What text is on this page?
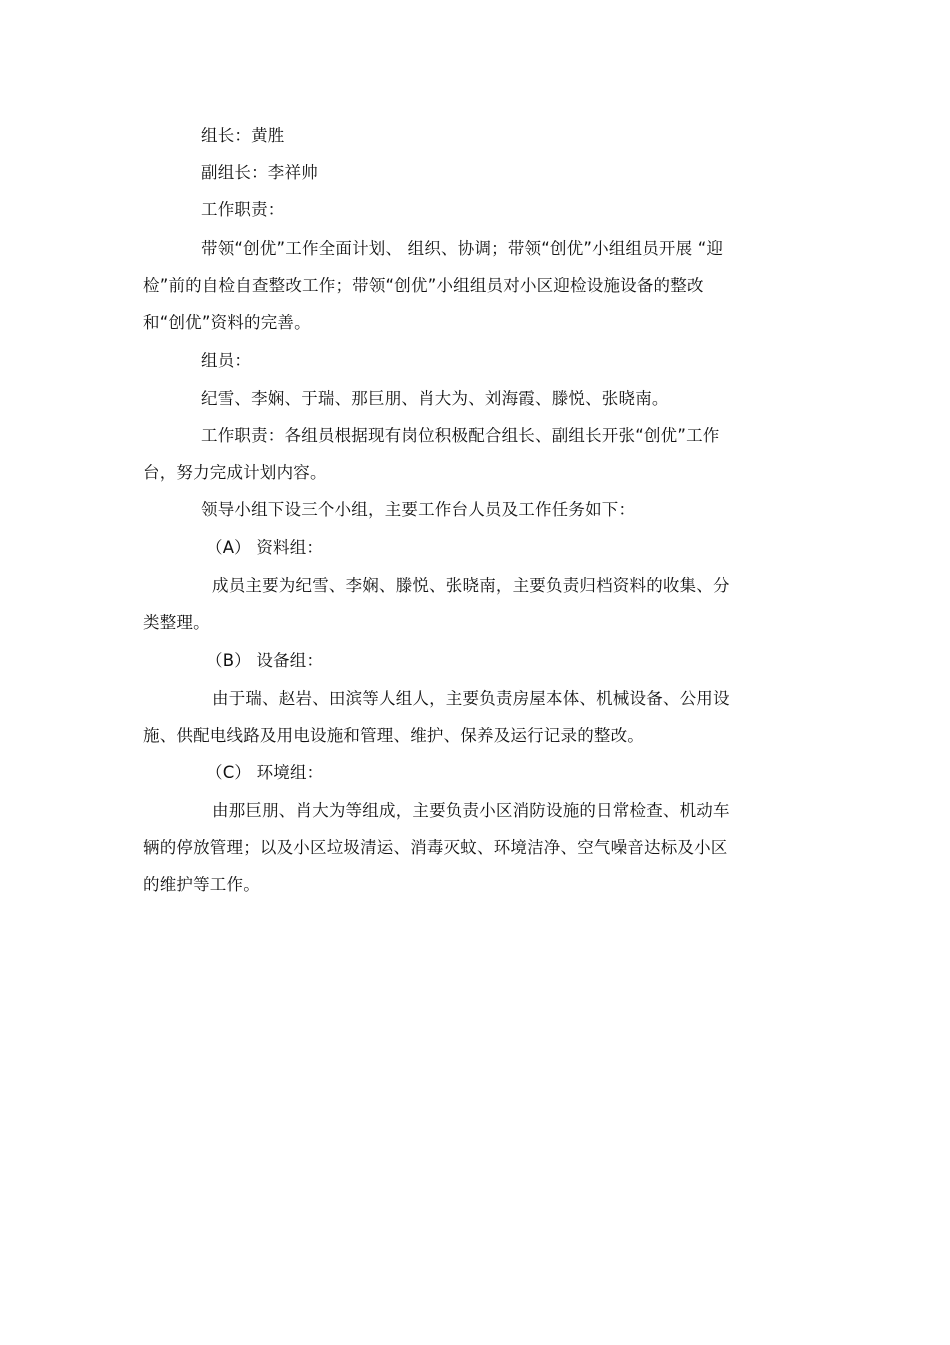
组长：黄胜

副组长：李祥帅

工作职责：

带领“创优”工作全面计划、 组织、协调；带领“创优”小组组员开展 “迎

检”前的自检自查整改工作；带领“创优”小组组员对小区迎检设施设备的整改

和“创优”资料的完善。

组员：

纪雪、李娴、于瑞、那巨朋、肖大为、刘海霞、滕悦、张晓南。

工作职责：各组员根据现有岗位积极配合组长、副组长开张“创优”工作

台，努力完成计划内容。

领导小组下设三个小组，主要工作台人员及工作任务如下：

（A） 资料组：

成员主要为纪雪、李娴、滕悦、张晓南，主要负责归档资料的收集、分

类整理。

（B） 设备组：

由于瑞、赵岩、田滨等人组人，主要负责房屋本体、机械设备、公用设

施、供配电线路及用电设施和管理、维护、保养及运行记录的整改。

（C） 环境组：

由那巨朋、肖大为等组成，主要负责小区消防设施的日常检查、机动车

辆的停放管理；以及小区垃圾清运、消毒灭蚊、环境洁净、空气噪音达标及小区

的维护等工作。
